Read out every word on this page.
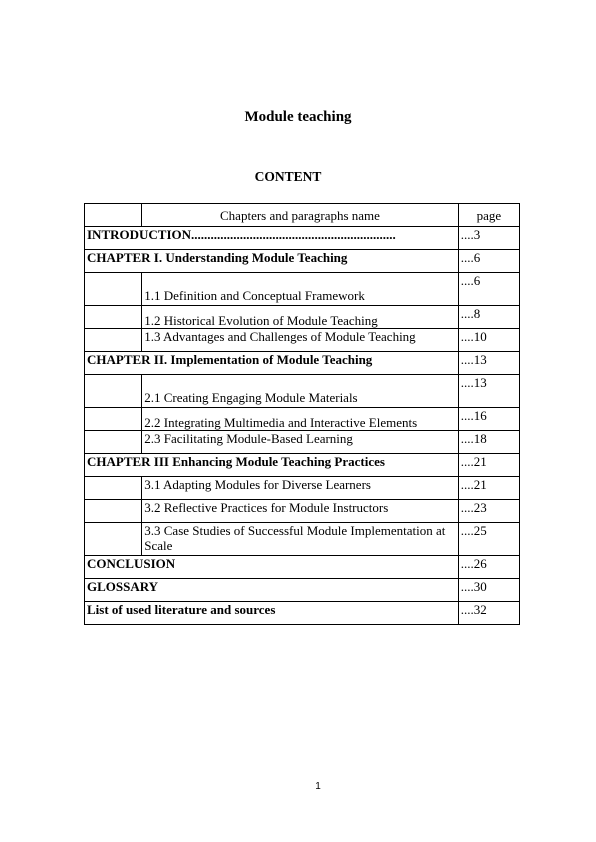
Module teaching
CONTENT
	Chapters and paragraphs name	page
INTRODUCTION...............................................................		....3
CHAPTER I. Understanding Module Teaching		....6
	1.1 Definition and Conceptual Framework	....6
	1.2 Historical Evolution of Module Teaching	....8
	1.3 Advantages and Challenges of Module Teaching	....10
CHAPTER II. Implementation of Module Teaching		....13
	2.1 Creating Engaging Module Materials	....13
	2.2 Integrating Multimedia and Interactive Elements	....16
	2.3 Facilitating Module-Based Learning	....18
CHAPTER III Enhancing Module Teaching Practices		....21
	3.1 Adapting Modules for Diverse Learners	....21
	3.2 Reflective Practices for Module Instructors	....23
	3.3 Case Studies of Successful Module Implementation at Scale	....25
CONCLUSION		....26
GLOSSARY		....30
List of used literature and sources		....32
1
